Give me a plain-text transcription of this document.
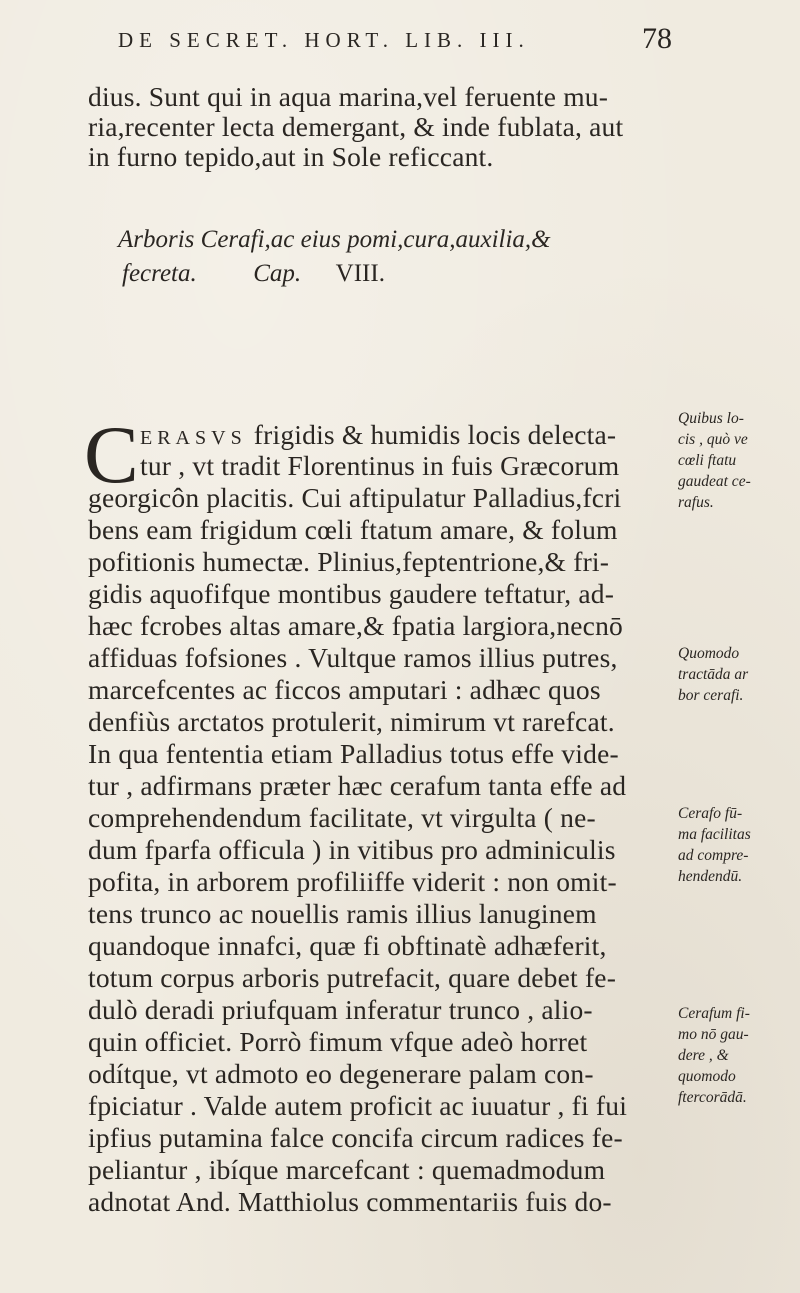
DE SECRET. HORT. LIB. III.	78
dius. Sunt qui in aqua marina,vel feruente mu-
ria,recenter lecta demergant, & inde fublata, aut
in furno tepido,aut in Sole reficcant.
Arboris Cerafi,ac eius pomi,cura,auxilia,&
fecreta. Cap. VIII.
C ERASVS frigidis & humidis locis delecta-
tur , vt tradit Florentinus in fuis Græcorum
georgicôn placitis. Cui aftipulatur Palladius,fcri
bens eam frigidum cœli ftatum amare, & folum
pofitionis humectæ. Plinius,feptentrione,& fri-
gidis aquofifque montibus gaudere teftatur, ad-
hæc fcrobes altas amare,& fpatia largiora,necnō
affiduas fofsiones . Vultque ramos illius putres,
marcefcentes ac ficcos amputari : adhæc quos
denfiùs arctatos protulerit, nimirum vt rarefcat.
In qua fententia etiam Palladius totus effe vide-
tur , adfirmans præter hæc cerafum tanta effe ad
comprehendendum facilitate, vt virgulta ( ne-
dum fparfa officula ) in vitibus pro adminiculis
pofita, in arborem profiliiffe viderit : non omit-
tens trunco ac nouellis ramis illius lanuginem
quandoque innafci, quæ fi obftinatè adhæferit,
totum corpus arboris putrefacit, quare debet fe-
dulò deradi priufquam inferatur trunco , alio-
quin officiet. Porrò fimum vfque adeò horret
odítque, vt admoto eo degenerare palam con-
fpiciatur . Valde autem proficit ac iuuatur , fi fui
ipfius putamina falce concifa circum radices fe-
peliantur , ibíque marcefcant : quemadmodum
adnotat And. Matthiolus commentariis fuis do-
Quibus lo-
cis , quò ve
cœli ftatu
gaudeat ce-
rafus.
Quomodo
tractāda ar
bor cerafi.
Cerafo fū-
ma facilitas
ad compre-
hendendū.
Cerafum fi-
mo nō gau-
dere , &
quomodo
ftercorādā.
